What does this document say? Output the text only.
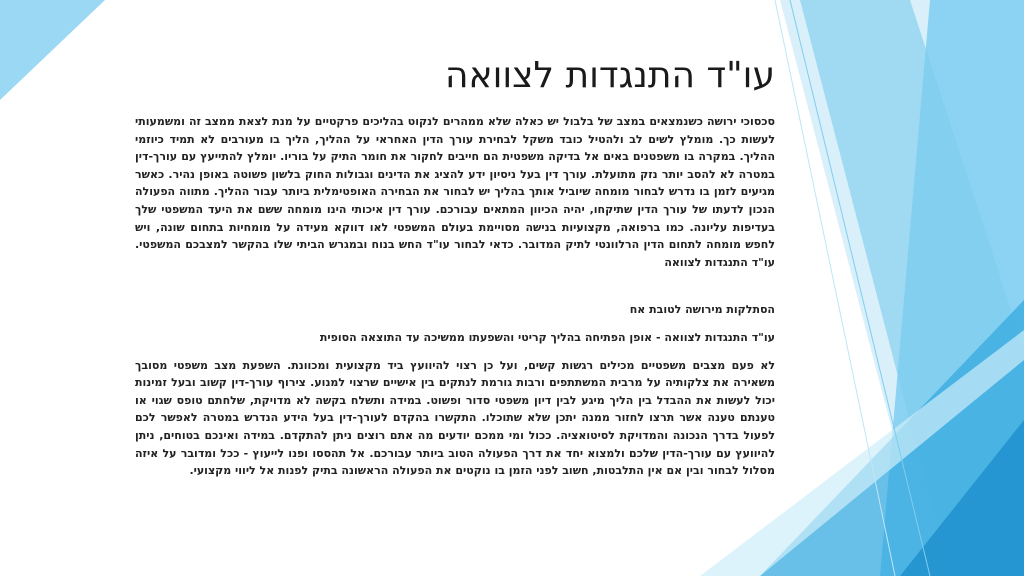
עו"ד התנגדות לצוואה

סכסוכי ירושה כשנמצאים במצב של בלבול יש כאלה שלא ממהרים לנקוט בהליכים פרקטיים על מנת לצאת ממצב זה ומשמעותי לעשות כך. מומלץ לשים לב ולהטיל כובד משקל לבחירת עורך הדין האחראי על ההליך, הליך בו מעורבים לא תמיד כיוזמי ההליך. במקרה בו משפטנים באים אל בדיקה משפטית הם חייבים לחקור את חומר התיק על בוריו. יומלץ להתייעץ עם עורך-דין במטרה לא להסב יותר נזק מתועלת. עורך דין בעל ניסיון ידע להציג את הדינים וגבולות החוק בלשון פשוטה באופן נהיר. כאשר מגיעים לזמן בו נדרש לבחור מומחה שיוביל אותך בהליך יש לבחור את הבחירה האופטימלית ביותר עבור ההליך. מתווה הפעולה הנכון לדעתו של עורך הדין שתיקחו, יהיה הכיוון המתאים עבורכם. עורך דין איכותי הינו מומחה ששם את היעד המשפטי שלך בעדיפות עליונה. כמו ברפואה, מקצועיות בנישה מסויימת בעולם המשפטי לאו דווקא מעידה על מומחיות בתחום שונה, ויש לחפש מומחה לתחום הדין הרלוונטי לתיק המדובר. כדאי לבחור עו"ד החש בנוח ובמגרש הביתי שלו בהקשר למצבכם המשפטי. עו"ד התנגדות לצוואה

הסתלקות מירושה לטובת אח

עו"ד התנגדות לצוואה - אופן הפתיחה בהליך קריטי והשפעתו ממשיכה עד התוצאה הסופית

לא פעם מצבים משפטיים מכילים רגשות קשים, ועל כן רצוי להיוועץ ביד מקצועית ומכוונת. השפעת מצב משפטי מסובך משאירה את צלקותיה על מרבית המשתתפים ורבות גורמת לנתקים בין אישיים שרצוי למנוע. צירוף עורך-דין קשוב ובעל זמינות יכול לעשות את ההבדל בין הליך מיגע לבין דיון משפטי סדור ופשוט. במידה ותשלח בקשה לא מדויקת, שלחתם טופס שגוי או טענתם טענה אשר תרצו לחזור ממנה יתכן שלא שתוכלו. התקשרו בהקדם לעורך-דין בעל הידע הנדרש במטרה לאפשר לכם לפעול בדרך הנכונה והמדויקת לסיטואציה. ככול ומי ממכם יודעים מה אתם רוצים ניתן להתקדם. במידה ואינכם בטוחים, ניתן להיוועץ עם עורך-הדין שלכם ולמצוא יחד את דרך הפעולה הטוב ביותר עבורכם. אל תהססו ופנו לייעוץ - ככל ומדובר על איזה מסלול לבחור ובין אם אין התלבטות, חשוב לפני הזמן בו נוקטים את הפעולה הראשונה בתיק לפנות אל ליווי מקצועי.
